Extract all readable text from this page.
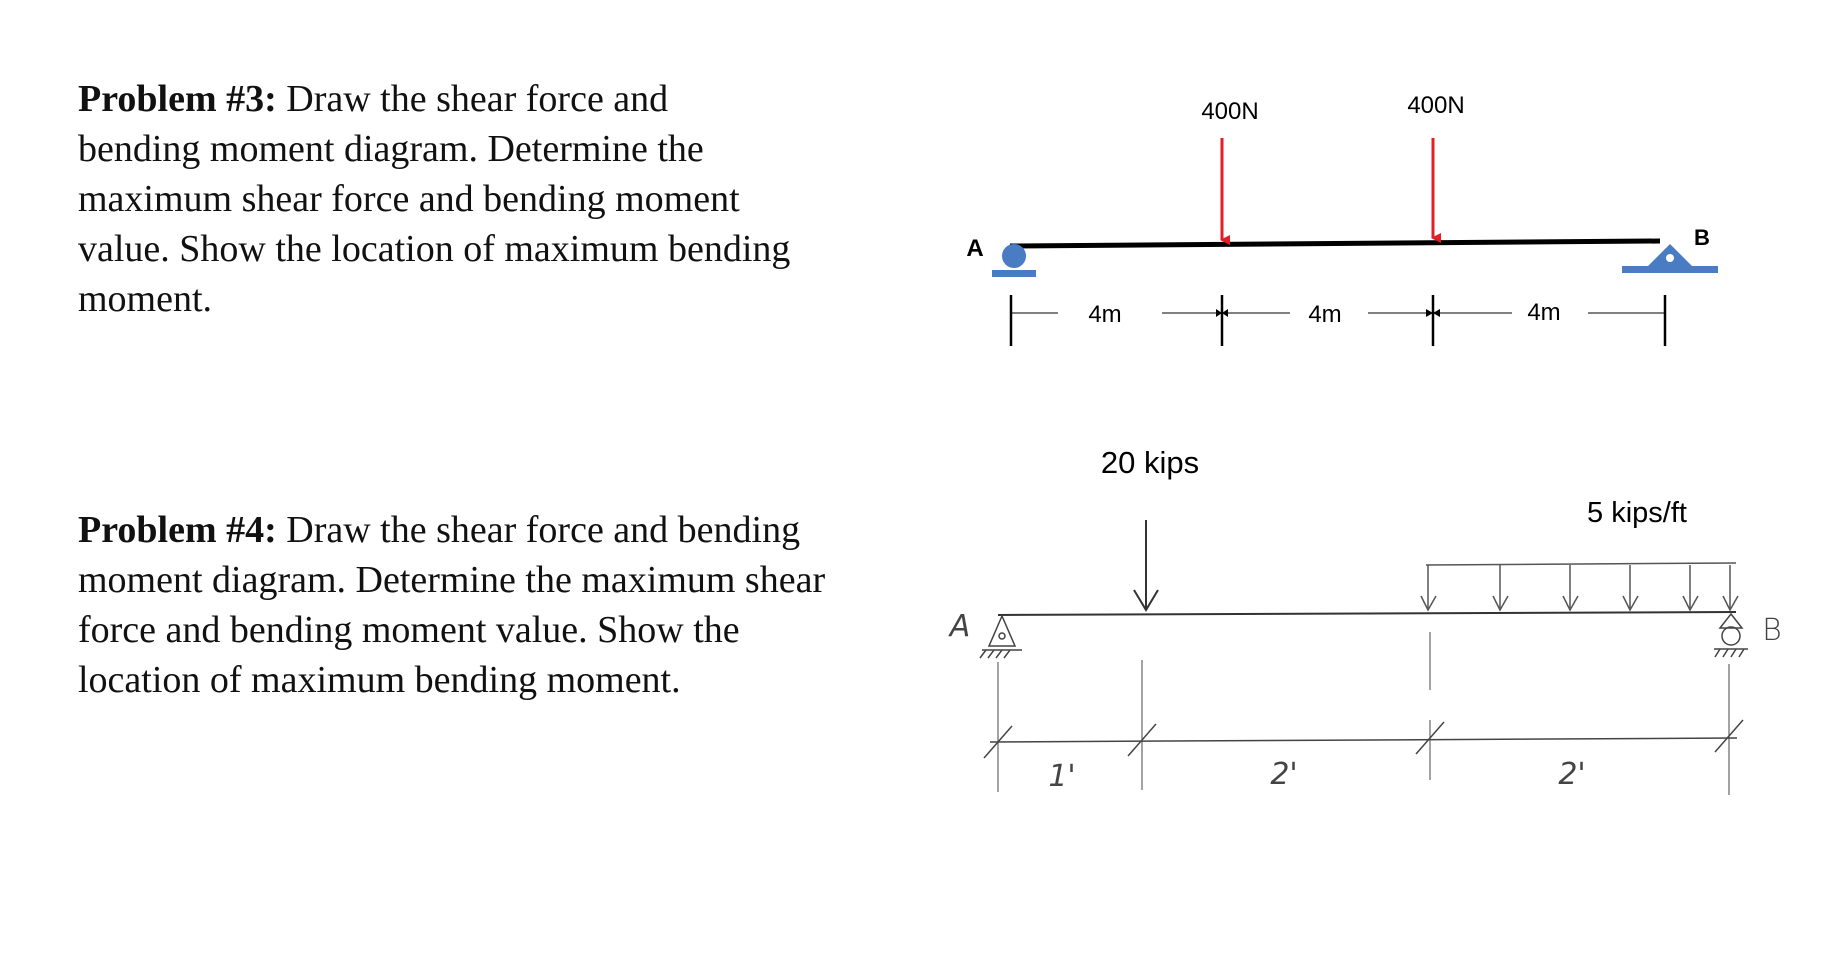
Problem #3: Draw the shear force and
bending moment diagram. Determine the
maximum shear force and bending moment
value. Show the location of maximum bending
moment.
Problem #4: Draw the shear force and bending
moment diagram. Determine the maximum shear
force and bending moment value. Show the
location of maximum bending moment.
A	B
400N	400N
4m	4m	4m
A	B
20 kips
5 kips/ft
1'	2'	2'
